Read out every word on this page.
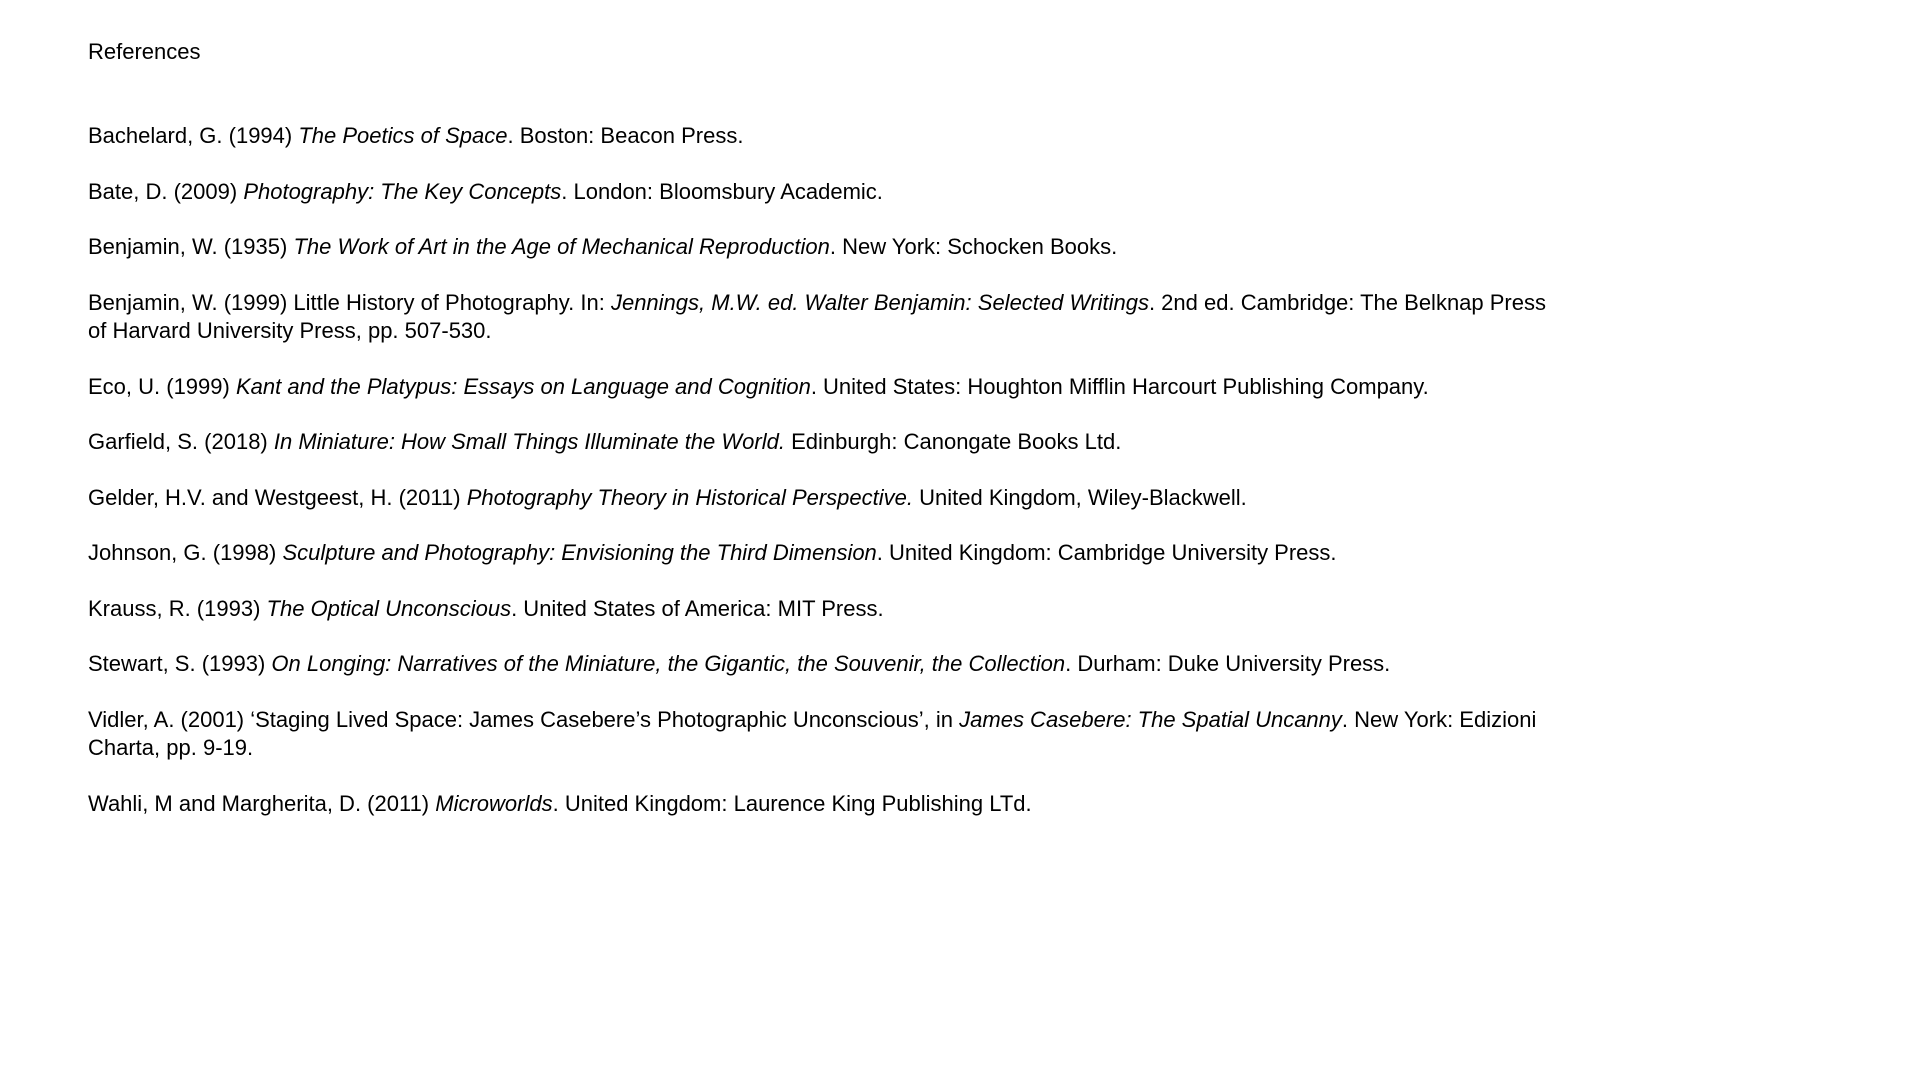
References
Bachelard, G. (1994) The Poetics of Space. Boston: Beacon Press.
Bate, D. (2009) Photography: The Key Concepts. London: Bloomsbury Academic.
Benjamin, W. (1935) The Work of Art in the Age of Mechanical Reproduction. New York: Schocken Books.
Benjamin, W. (1999) Little History of Photography. In: Jennings, M.W. ed. Walter Benjamin: Selected Writings. 2nd ed. Cambridge: The Belknap Press of Harvard University Press, pp. 507-530.
Eco, U. (1999) Kant and the Platypus: Essays on Language and Cognition. United States: Houghton Mifflin Harcourt Publishing Company.
Garfield, S. (2018) In Miniature: How Small Things Illuminate the World. Edinburgh: Canongate Books Ltd.
Gelder, H.V. and Westgeest, H. (2011) Photography Theory in Historical Perspective. United Kingdom, Wiley-Blackwell.
Johnson, G. (1998) Sculpture and Photography: Envisioning the Third Dimension. United Kingdom: Cambridge University Press.
Krauss, R. (1993) The Optical Unconscious. United States of America: MIT Press.
Stewart, S. (1993) On Longing: Narratives of the Miniature, the Gigantic, the Souvenir, the Collection. Durham: Duke University Press.
Vidler, A. (2001) ‘Staging Lived Space: James Casebere’s Photographic Unconscious’, in James Casebere: The Spatial Uncanny. New York: Edizioni Charta, pp. 9-19.
Wahli, M and Margherita, D. (2011) Microworlds. United Kingdom: Laurence King Publishing LTd.
